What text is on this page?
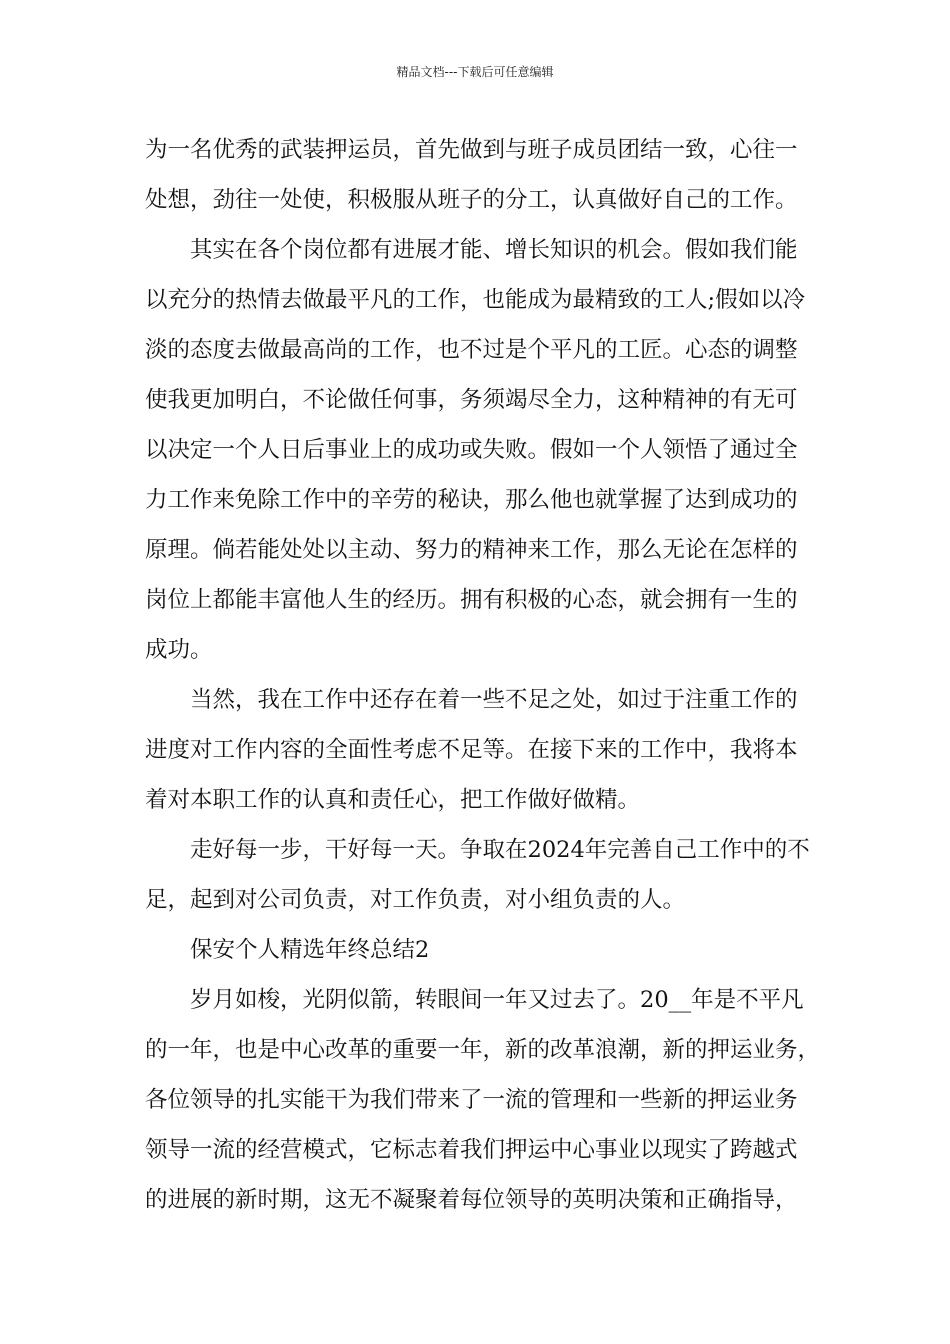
精品文档---下载后可任意编辑
为一名优秀的武装押运员，首先做到与班子成员团结一致，心往一
处想，劲往一处使，积极服从班子的分工，认真做好自己的工作。
其实在各个岗位都有进展才能、增长知识的机会。假如我们能
以充分的热情去做最平凡的工作，也能成为最精致的工人;假如以冷
淡的态度去做最高尚的工作，也不过是个平凡的工匠。心态的调整
使我更加明白，不论做任何事，务须竭尽全力，这种精神的有无可
以决定一个人日后事业上的成功或失败。假如一个人领悟了通过全
力工作来免除工作中的辛劳的秘诀，那么他也就掌握了达到成功的
原理。倘若能处处以主动、努力的精神来工作，那么无论在怎样的
岗位上都能丰富他人生的经历。拥有积极的心态，就会拥有一生的
成功。
当然，我在工作中还存在着一些不足之处，如过于注重工作的
进度对工作内容的全面性考虑不足等。在接下来的工作中，我将本
着对本职工作的认真和责任心，把工作做好做精。
走好每一步，干好每一天。争取在2024年完善自己工作中的不
足，起到对公司负责，对工作负责，对小组负责的人。
保安个人精选年终总结2
岁月如梭，光阴似箭，转眼间一年又过去了。20__年是不平凡
的一年，也是中心改革的重要一年，新的改革浪潮，新的押运业务，
各位领导的扎实能干为我们带来了一流的管理和一些新的押运业务
领导一流的经营模式，它标志着我们押运中心事业以现实了跨越式
的进展的新时期，这无不凝聚着每位领导的英明决策和正确指导，
